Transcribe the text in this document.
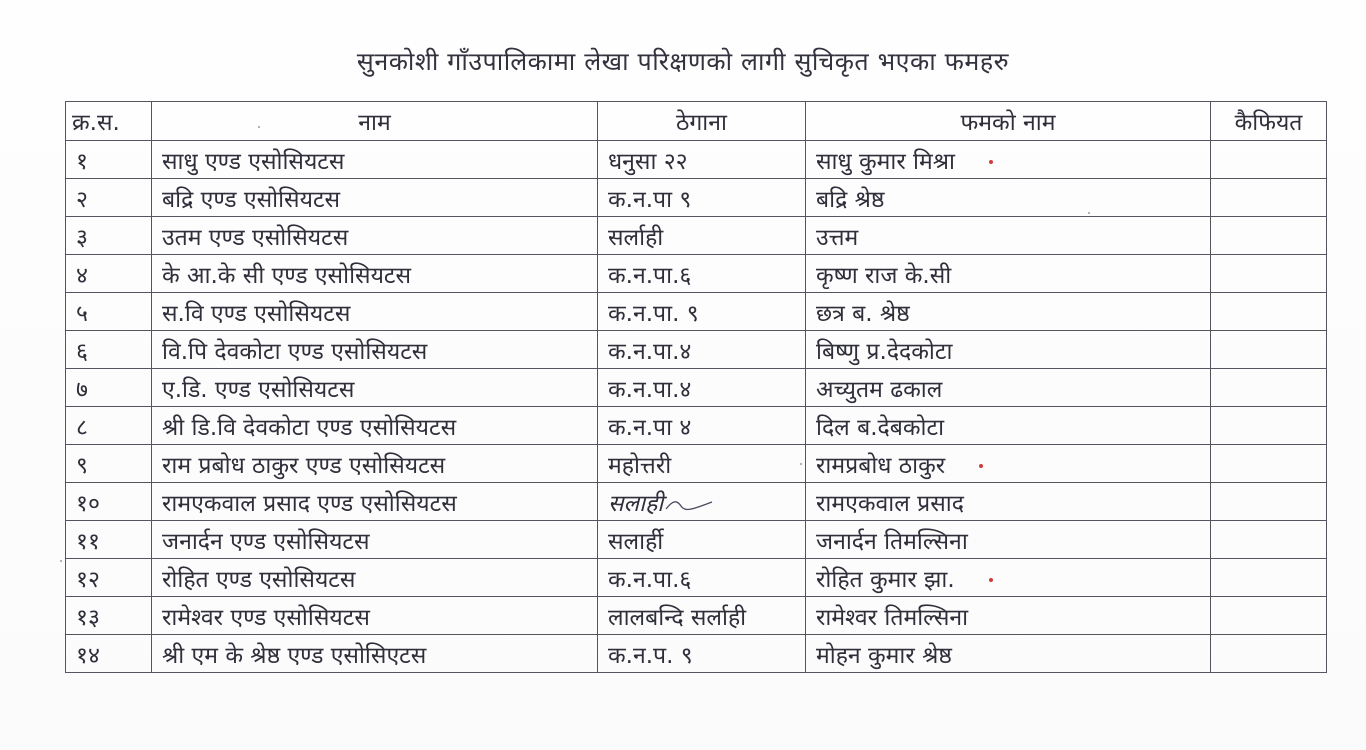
सुनकोशी गाँउपालिकामा लेखा परिक्षणको लागी सुचिकृत भएका फमहरु
क्र.स.	नाम	ठेगाना	फमको नाम	कैफियत
१	साधु एण्ड एसोसियटस	धनुसा २२	साधु कुमार मिश्रा	
२	बद्रि एण्ड एसोसियटस	क.न.पा ९	बद्रि श्रेष्ठ	
३	उतम एण्ड एसोसियटस	सर्लाही	उत्तम	
४	के आ.के सी एण्ड एसोसियटस	क.न.पा.६	कृष्ण राज के.सी	
५	स.वि एण्ड एसोसियटस	क.न.पा. ९	छत्र ब. श्रेष्ठ	
६	वि.पि देवकोटा एण्ड एसोसियटस	क.न.पा.४	बिष्णु प्र.देदकोटा	
७	ए.डि. एण्ड एसोसियटस	क.न.पा.४	अच्युतम ढकाल	
८	श्री डि.वि देवकोटा एण्ड एसोसियटस	क.न.पा ४	दिल ब.देबकोटा	
९	राम प्रबोध ठाकुर एण्ड एसोसियटस	महोत्तरी	रामप्रबोध ठाकुर	
१०	रामएकवाल प्रसाद एण्ड एसोसियटस	सलाही	रामएकवाल प्रसाद	
११	जनार्दन एण्ड एसोसियटस	सलार्ही	जनार्दन तिमल्सिना	
१२	रोहित एण्ड एसोसियटस	क.न.पा.६	रोहित कुमार झा.	
१३	रामेश्वर एण्ड एसोसियटस	लालबन्दि सर्लाही	रामेश्वर तिमल्सिना	
१४	श्री एम के श्रेष्ठ एण्ड एसोसिएटस	क.न.प. ९	मोहन कुमार श्रेष्ठ	
